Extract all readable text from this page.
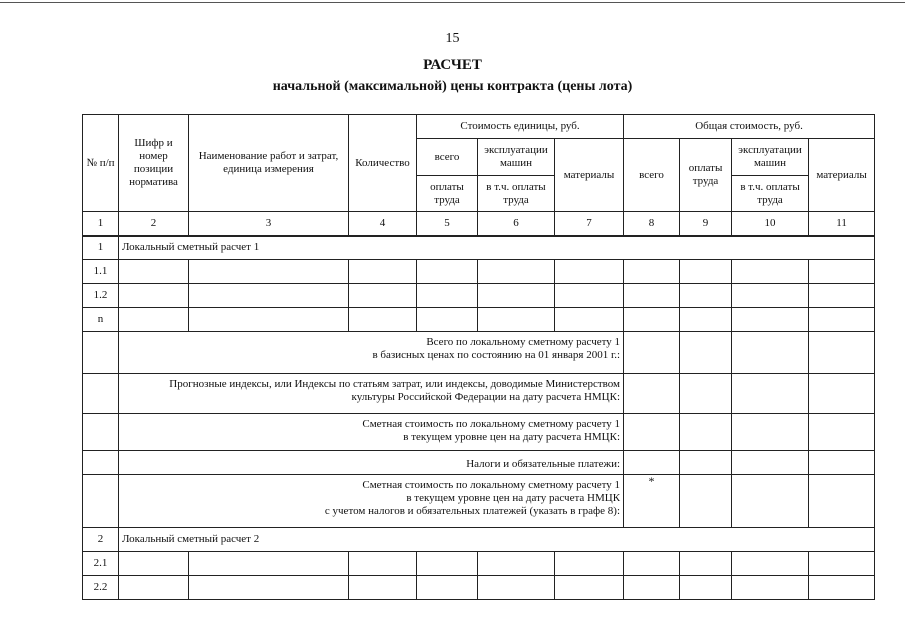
15
РАСЧЕТ
начальной (максимальной) цены контракта (цены лота)
№ п/п	Шифр и номер позиции норматива	Наименование работ и затрат, единица измерения	Количество	Стоимость единицы, руб.			Общая стоимость, руб.			
				всего	эксплуатации машин	материалы	всего	оплаты труда	эксплуатации машин	материалы
				оплаты труда	в т.ч. оплаты труда				в т.ч. оплаты труда	
1	2	3	4	5	6	7	8	9	10	11
1	Локальный сметный расчет 1									
1.1										
1.2										
n										
	Всего по локальному сметному расчету 1
в базисных ценах по состоянию на 01 января 2001 г.:									
	Прогнозные индексы, или Индексы по статьям затрат, или индексы, доводимые Министерством
культуры Российской Федерации на дату расчета НМЦК:									
	Сметная стоимость по локальному сметному расчету 1
в текущем уровне цен на дату расчета НМЦК:									
	Налоги и обязательные платежи:									
	Сметная стоимость по локальному сметному расчету 1
в текущем уровне цен на дату расчета НМЦК
с учетом налогов и обязательных платежей (указать в графе 8):						*			
2	Локальный сметный расчет 2									
2.1										
2.2										
